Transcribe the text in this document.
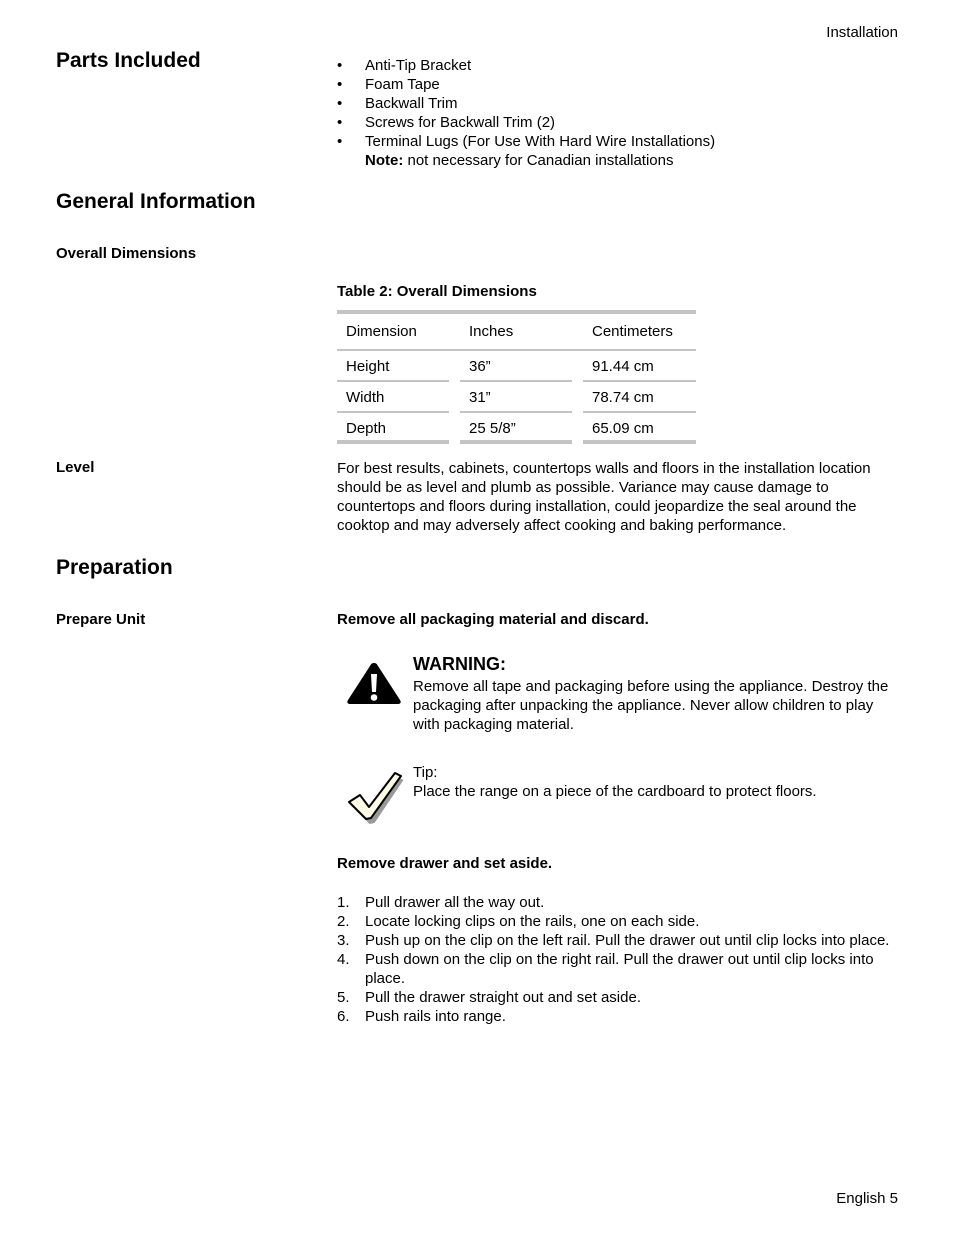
Installation
English 5
Parts Included	• Anti-Tip Bracket
• Foam Tape
• Backwall Trim
• Screws for Backwall Trim (2)
• Terminal Lugs (For Use With Hard Wire Installations)
Note: not necessary for Canadian installations
General Information
Overall Dimensions
Table 2: Overall Dimensions
Dimension	Inches	Centimeters
Height	36”	91.44 cm
Width	31”	78.74 cm
Depth	25 5/8”	65.09 cm
Level	For best results, cabinets, countertops walls and floors in the installation location should be as level and plumb as possible. Variance may cause damage to countertops and floors during installation, could jeopardize the seal around the cooktop and may adversely affect cooking and baking performance.
Preparation
Prepare Unit	Remove all packaging material and discard.
WARNING:
Remove all tape and packaging before using the appliance. Destroy the packaging after unpacking the appliance. Never allow children to play with packaging material.
Tip:
Place the range on a piece of the cardboard to protect floors.
Remove drawer and set aside.
1. Pull drawer all the way out.
2. Locate locking clips on the rails, one on each side.
3. Push up on the clip on the left rail. Pull the drawer out until clip locks into place.
4. Push down on the clip on the right rail. Pull the drawer out until clip locks into place.
5. Pull the drawer straight out and set aside.
6. Push rails into range.
